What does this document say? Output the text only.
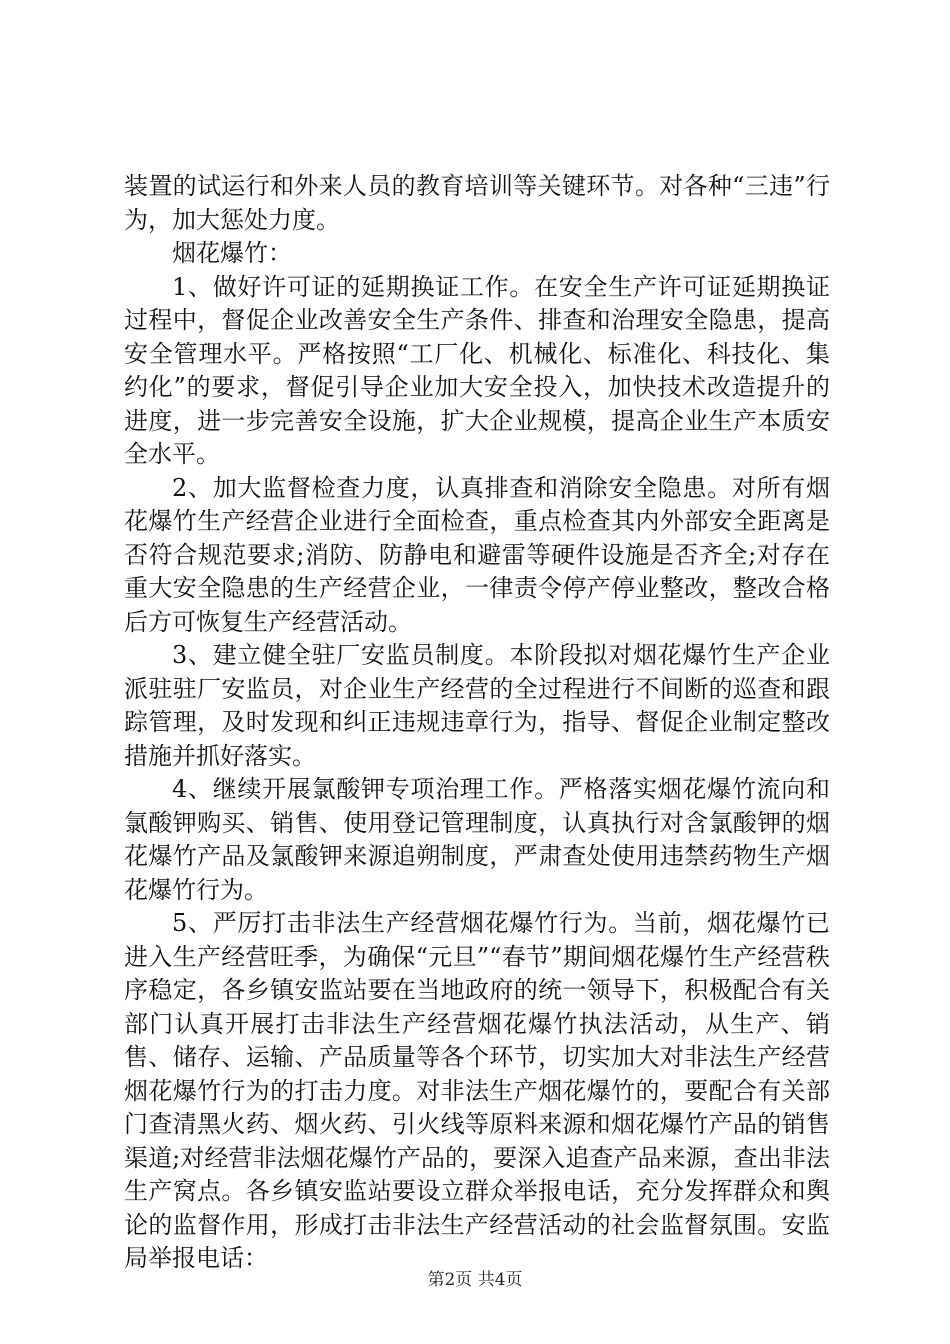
装置的试运行和外来人员的教育培训等关键环节。对各种“三违”行为，加大惩处力度。

烟花爆竹：

1、做好许可证的延期换证工作。在安全生产许可证延期换证过程中，督促企业改善安全生产条件、排查和治理安全隐患，提高安全管理水平。严格按照“工厂化、机械化、标准化、科技化、集约化”的要求，督促引导企业加大安全投入，加快技术改造提升的进度，进一步完善安全设施，扩大企业规模，提高企业生产本质安全水平。

2、加大监督检查力度，认真排查和消除安全隐患。对所有烟花爆竹生产经营企业进行全面检查，重点检查其内外部安全距离是否符合规范要求;消防、防静电和避雷等硬件设施是否齐全;对存在重大安全隐患的生产经营企业，一律责令停产停业整改，整改合格后方可恢复生产经营活动。

3、建立健全驻厂安监员制度。本阶段拟对烟花爆竹生产企业派驻驻厂安监员，对企业生产经营的全过程进行不间断的巡查和跟踪管理，及时发现和纠正违规违章行为，指导、督促企业制定整改措施并抓好落实。

4、继续开展氯酸钾专项治理工作。严格落实烟花爆竹流向和氯酸钾购买、销售、使用登记管理制度，认真执行对含氯酸钾的烟花爆竹产品及氯酸钾来源追朔制度，严肃查处使用违禁药物生产烟花爆竹行为。

5、严厉打击非法生产经营烟花爆竹行为。当前，烟花爆竹已进入生产经营旺季，为确保“元旦”“春节”期间烟花爆竹生产经营秩序稳定，各乡镇安监站要在当地政府的统一领导下，积极配合有关部门认真开展打击非法生产经营烟花爆竹执法活动，从生产、销售、储存、运输、产品质量等各个环节，切实加大对非法生产经营烟花爆竹行为的打击力度。对非法生产烟花爆竹的，要配合有关部门查清黑火药、烟火药、引火线等原料来源和烟花爆竹产品的销售渠道;对经营非法烟花爆竹产品的，要深入追查产品来源，查出非法生产窝点。各乡镇安监站要设立群众举报电话，充分发挥群众和舆论的监督作用，形成打击非法生产经营活动的社会监督氛围。安监局举报电话：

第2页 共4页
